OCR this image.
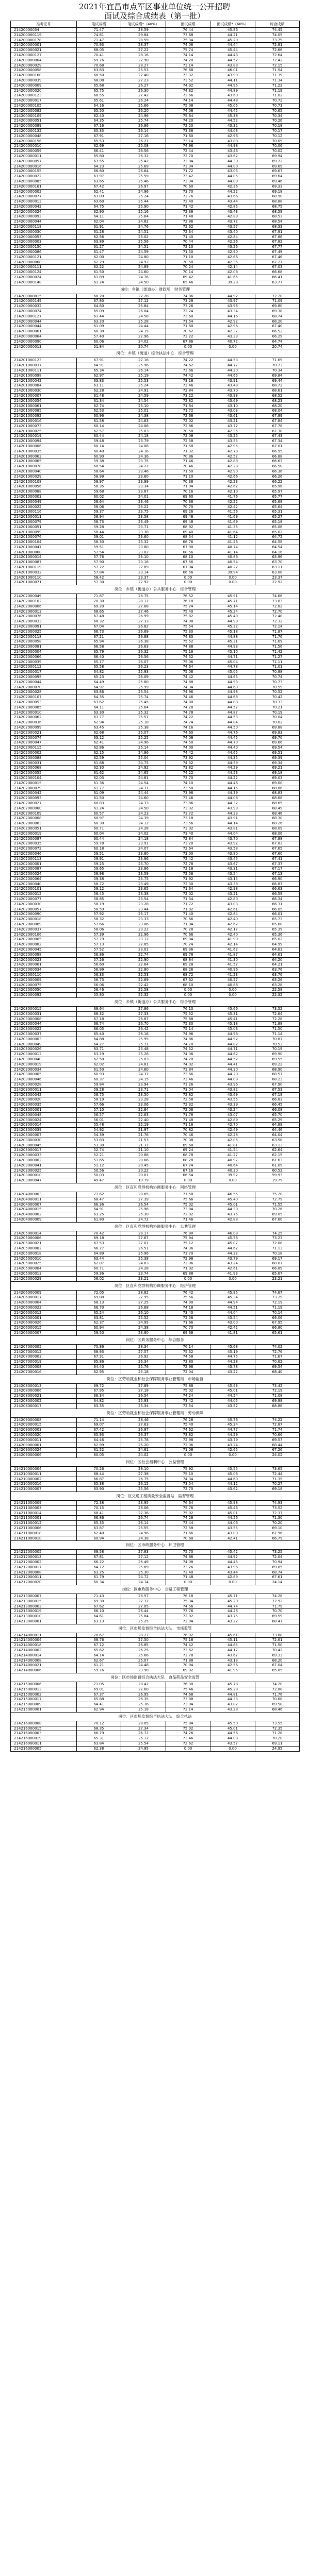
2021年宜昌市点军区事业单位统一公开招聘
面试及综合成绩表（第一批）
准考证号	笔试成绩	笔试成绩*（40%）	面试成绩	面试成绩*（60%）	综合成绩
21420000034	71.47	28.59	76.44	45.86	74.45
214200000119	74.61	29.84	73.68	44.21	74.05
214200000178	71.47	28.59	75.34	45.20	73.79
214200000001	70.93	28.37	74.06	44.44	72.81
214200000021	68.05	27.22	75.74	45.44	72.66
214200000127	70.41	28.16	74.14	44.48	72.64
214200000004	69.76	27.90	74.20	44.52	72.42
214200000029	70.68	28.27	73.14	43.88	72.15
214200000058	63.83	25.53	76.68	46.01	71.54
214200000160	68.50	27.40	73.32	43.99	71.39
214200000039	68.08	27.23	73.52	44.11	71.34
214200000009	65.68	26.27	74.92	44.95	71.22
214200000020	65.75	26.30	74.82	44.89	71.19
214200000123	68.55	27.42	72.66	43.60	71.02
214200000017	65.61	26.24	74.14	44.48	70.72
214200000105	64.16	25.66	75.08	45.05	70.71
214200000082	65.50	26.20	74.08	44.45	70.65
214200000109	62.40	24.96	75.64	45.38	70.34
214200000051	64.35	25.74	74.20	44.52	70.26
214200000089	67.16	26.86	72.20	43.32	70.18
214200000132	65.35	26.14	73.38	44.03	70.17
214200000048	67.91	27.16	71.60	42.96	70.12
214200000156	65.53	26.21	73.14	43.88	70.09
214200000010	62.69	25.08	74.96	44.98	70.06
214200000059	66.41	26.56	72.44	43.46	70.02
214200000011	65.80	26.32	72.70	43.62	69.94
214200000057	63.55	25.42	73.84	44.30	69.72
214200000016	64.23	25.69	73.34	44.00	69.69
214200000155	66.60	26.64	71.72	43.03	69.67
214200000022	63.97	25.59	73.42	44.05	69.64
214200000085	63.65	25.46	73.34	44.00	69.46
214200000161	67.42	26.97	70.60	42.36	69.33
214200000002	62.41	24.96	73.70	44.22	69.18
214200000077	63.09	25.24	72.76	43.66	68.90
214200000013	63.60	25.44	72.40	43.44	68.88
214200000042	64.75	25.90	71.42	42.85	68.75
214200000024	62.90	25.16	72.38	43.43	68.59
214200000093	64.11	25.64	71.48	42.89	68.53
214200000044	62.04	24.82	72.86	43.72	68.54
214200000118	61.91	24.76	72.62	43.57	68.33
214200000030	61.28	24.51	72.34	43.40	67.91
214200000053	62.56	25.02	71.40	42.84	67.86
214200000003	63.89	25.56	70.44	42.26	67.82
214200000150	61.27	24.51	72.10	43.26	67.77
214200000086	61.47	24.59	71.50	42.90	67.49
214200000121	62.00	24.80	71.10	42.66	67.46
214200000068	62.29	24.92	70.58	42.35	67.27
214200000111	62.22	24.89	70.24	42.14	67.03
214200000124	61.50	24.60	70.14	42.08	66.68
214200000024	61.89	24.76	69.42	41.65	66.41
214200000148	61.24	24.50	65.46	39.28	63.77
岗位：乡镇（街道办）财政所　财务管理					
214200000015	68.20	27.28	74.86	44.92	72.20
214200000149	67.80	27.12	73.28	43.97	71.09
214200000032	64.60	25.84	73.26	43.96	69.80
214200000074	65.09	26.04	72.24	43.34	69.38
214200000127	61.44	24.58	73.60	44.16	68.74
214200000044	63.20	25.28	71.54	42.92	68.20
214200000044	61.09	24.44	71.60	42.96	67.40
214200000061	60.38	24.15	70.62	42.37	66.52
214200000064	57.40	22.96	72.22	43.33	66.29
214200000090	60.06	24.02	67.86	40.72	64.74
214200000013	51.84	20.74	0.00	0.00	20.74
岗位：乡镇（街道）综合执法中心　综合管理					
214201000123	67.91	27.16	74.22	44.53	71.69
214201000037	64.91	25.96	74.62	44.77	70.73
214201000111	65.34	26.14	73.66	44.20	70.34
214201000098	62.97	25.19	74.42	44.65	69.84
214201000042	63.83	25.53	73.18	43.91	69.44
214201000084	63.11	25.24	72.46	43.48	68.72
214201000030	62.28	24.91	72.84	43.70	68.61
214201000007	61.48	24.59	73.22	43.93	68.52
214201000054	61.34	24.54	72.82	43.69	68.23
214201000061	62.74	25.10	71.84	43.10	68.20
214201000085	62.53	25.01	71.72	43.03	68.04
214201000092	60.96	24.38	72.68	43.61	67.99
214201000016	61.58	24.63	72.02	43.21	67.84
214201000073	60.14	24.06	72.86	43.72	67.78
214201000025	62.57	25.03	70.58	42.35	67.38
214201000019	60.44	24.18	72.08	43.25	67.43
214201000094	59.48	23.79	72.58	43.55	67.34
214201000006	60.14	24.06	71.58	42.95	67.01
214201000035	60.40	24.16	71.32	42.79	66.95
214201000063	60.90	24.36	70.86	42.52	66.88
214201000065	59.38	23.75	71.46	42.88	66.63
214201000078	60.54	24.22	70.46	42.28	66.50
214201000040	58.64	23.46	71.50	42.90	66.36
214201000029	58.99	23.60	71.10	42.66	66.26
214201000108	59.97	23.99	70.38	42.23	66.22
214201000056	58.35	23.34	71.04	42.62	65.96
214201000088	59.68	23.87	70.16	42.10	65.97
214201000003	60.02	24.01	69.60	41.76	65.77
214201000049	58.64	23.46	70.36	42.22	65.68
214201000022	58.06	23.22	70.70	42.42	65.64
214201000116	59.37	23.75	69.26	41.56	65.31
214201000011	58.94	23.58	69.48	41.69	65.27
214201000079	58.73	23.49	69.48	41.69	65.18
214201000051	59.28	23.71	68.92	41.35	65.06
214201000099	58.44	23.38	69.40	41.64	65.02
214201000076	59.01	23.60	68.54	41.12	64.72
214201000104	58.30	23.32	68.76	41.26	64.58
214201000047	59.51	23.80	67.90	40.74	64.54
214201000068	57.54	23.02	68.56	41.14	64.16
214201000014	57.76	23.10	68.10	40.86	63.96
214201000087	57.90	23.16	67.56	40.54	63.70
214201000119	57.22	22.89	67.04	40.22	63.11
214201000032	57.84	23.14	66.56	39.94	63.08
214201000110	58.42	23.37	0.00	0.00	23.37
214201000071	57.30	22.92	0.00	0.00	22.92
岗位：乡镇（街道办）公共服务中心　综合管理					
214202000049	71.87	28.75	76.52	45.91	74.66
214202000102	70.30	28.12	76.18	45.71	73.83
214202000006	69.20	27.68	75.24	45.14	72.82
214202000013	68.65	27.46	75.40	45.24	72.70
214202000076	67.48	26.99	75.82	45.49	72.48
214202000033	68.32	27.33	74.98	44.99	72.32
214202000091	67.04	26.82	75.54	45.32	72.14
214202000025	66.73	26.69	75.30	45.18	71.87
214202000118	67.21	26.88	74.80	44.88	71.76
214202000058	65.94	26.38	75.52	45.31	71.69
214202000081	66.58	26.63	74.88	44.93	71.56
214202000004	65.79	26.32	75.16	45.10	71.42
214202000066	66.40	26.56	74.52	44.71	71.27
214202000039	65.17	26.07	75.06	45.04	71.11
214202000112	65.58	26.23	74.64	44.78	71.01
214202000017	64.82	25.93	75.08	45.05	70.98
214202000095	65.23	26.09	74.42	44.65	70.74
214202000044	64.49	25.80	74.88	44.93	70.73
214202000070	64.97	25.99	74.34	44.60	70.59
214202000028	63.86	25.54	74.96	44.98	70.52
214202000107	64.35	25.74	74.46	44.68	70.42
214202000053	63.62	25.45	74.80	44.88	70.33
214202000085	64.11	25.64	74.28	44.57	70.21
214202000010	63.30	25.32	74.78	44.87	70.19
214202000062	63.77	25.51	74.22	44.53	70.04
214202000036	62.94	25.18	74.74	44.84	70.02
214202000099	63.45	25.38	74.16	44.50	69.88
214202000021	62.68	25.07	74.60	44.76	69.83
214202000074	63.12	25.25	74.08	44.45	69.70
214202000047	62.41	24.96	74.50	44.70	69.66
214202000115	62.86	25.14	74.00	44.40	69.54
214202000002	62.15	24.86	74.42	44.65	69.51
214202000088	62.59	25.04	73.92	44.35	69.39
214202000031	61.88	24.75	74.32	44.59	69.34
214202000068	62.30	24.92	73.82	44.29	69.21
214202000055	61.62	24.65	74.22	44.53	69.18
214202000104	62.03	24.81	73.70	44.22	69.03
214202000015	61.36	24.54	74.10	44.46	69.00
214202000079	61.77	24.71	73.58	44.15	68.86
214202000042	61.09	24.44	73.98	44.39	68.83
214202000093	61.50	24.60	73.46	44.08	68.68
214202000027	60.83	24.33	73.86	44.32	68.65
214202000060	61.24	24.50	73.32	43.99	68.49
214202000109	60.57	24.23	73.72	44.23	68.46
214202000008	60.97	24.39	73.18	43.91	68.30
214202000083	60.30	24.12	73.56	44.14	68.26
214202000051	60.71	24.28	73.02	43.81	68.09
214202000019	60.04	24.02	73.40	44.04	68.06
214202000097	60.44	24.18	72.84	43.70	67.88
214202000035	59.78	23.91	73.20	43.92	67.83
214202000072	60.18	24.07	72.64	43.58	67.65
214202000046	59.51	23.80	73.00	43.80	67.60
214202000113	59.91	23.96	72.42	43.45	67.41
214202000001	59.25	23.70	72.78	43.67	67.37
214202000087	59.65	23.86	72.18	43.31	67.17
214202000024	58.98	23.59	72.56	43.54	67.13
214202000064	59.38	23.75	71.92	43.15	66.90
214202000040	58.72	23.49	72.30	43.38	66.87
214202000101	59.12	23.65	71.64	42.98	66.63
214202000012	58.45	23.38	72.02	43.21	66.59
214202000077	58.85	23.54	71.34	42.80	66.34
214202000030	58.19	23.28	71.72	43.03	66.31
214202000057	58.59	23.44	71.02	42.61	66.05
214202000090	57.92	23.17	71.40	42.84	66.01
214202000018	58.32	23.33	70.66	42.40	65.73
214202000069	57.66	23.06	71.04	42.62	65.68
214202000037	58.06	23.22	70.28	42.17	65.39
214202000106	57.39	22.96	70.66	42.40	65.36
214202000005	57.79	23.12	69.84	41.90	65.02
214202000082	57.13	22.85	70.24	42.14	64.99
214202000045	57.52	23.01	69.36	41.62	64.63
214202000098	56.86	22.74	69.78	41.87	64.61
214202000023	57.26	22.90	68.84	41.30	64.20
214202000061	56.60	22.64	69.28	41.57	64.21
214202000034	56.99	22.80	68.26	40.96	63.76
214202000110	56.33	22.53	68.72	41.23	63.76
214202000009	56.73	22.69	67.62	40.57	63.26
214202000075	56.06	22.42	68.10	40.86	63.28
214202000050	56.46	22.58	0.00	0.00	22.58
214202000092	55.80	22.32	0.00	0.00	22.32
岗位：乡镇（街道办）公共服务中心　综合管理					
214203000015	69.64	27.86	76.10	45.66	73.52
214203000031	68.32	27.33	75.52	45.31	72.64
214203000008	67.18	26.87	75.68	45.41	72.28
214203000044	66.74	26.70	75.30	45.18	71.88
214203000022	66.05	26.42	75.14	45.08	71.50
214203000037	65.40	26.16	74.96	44.98	71.14
214203000003	64.88	25.95	74.86	44.92	70.87
214203000049	64.27	25.71	74.70	44.82	70.53
214203000026	63.71	25.48	74.52	44.71	70.19
214203000012	63.19	25.28	74.36	44.62	69.90
214203000040	62.58	25.03	74.20	44.52	69.55
214203000019	62.02	24.81	74.02	44.41	69.22
214203000034	61.50	24.60	73.84	44.30	68.90
214203000005	60.93	24.37	73.66	44.20	68.57
214203000046	60.37	24.15	73.46	44.08	68.23
214203000028	59.84	23.94	73.26	43.96	67.90
214203000011	59.28	23.71	73.04	43.82	67.53
214203000042	58.75	23.50	72.82	43.69	67.19
214203000020	58.19	23.28	72.58	43.55	66.83
214203000035	57.66	23.06	72.32	43.39	66.45
214203000001	57.10	22.84	72.06	43.24	66.08
214203000048	56.57	22.63	71.78	43.07	65.70
214203000024	56.01	22.40	71.48	42.89	65.29
214203000014	55.48	22.19	71.16	42.70	64.89
214203000039	54.92	21.97	70.82	42.49	64.46
214203000007	54.39	21.76	70.46	42.28	64.04
214203000030	53.83	21.53	70.08	42.05	63.58
214203000045	53.30	21.32	69.68	41.81	63.13
214203000017	52.74	21.10	69.24	41.54	62.64
214203000033	52.21	20.88	68.78	41.27	62.15
214203000002	51.65	20.66	68.28	40.97	61.63
214203000041	51.12	20.45	67.74	40.64	61.09
214203000025	50.56	20.22	67.16	40.30	60.52
214203000010	50.03	20.01	66.54	39.92	59.93
214203000047	49.47	19.79	0.00	0.00	19.79
岗位：区直和党群机构协调服务中心　网络管理					
214204000003	71.62	28.65	77.58	46.55	75.20
214204000011	68.47	27.39	75.66	45.40	72.79
214204000007	66.36	26.54	75.02	45.01	71.55
214204000015	64.91	25.96	73.84	44.30	70.26
214204000002	63.25	25.30	72.92	43.75	69.05
214204000009	61.80	24.72	71.46	42.88	67.60
岗位：区直和党群机构协调服务中心　公共管理					
214205000014	70.42	28.17	76.80	46.08	74.25
214205000006	69.18	27.67	75.94	45.56	73.23
214205000021	67.53	27.01	75.12	45.07	72.08
214205000002	66.27	26.51	74.36	44.62	71.13
214205000018	64.89	25.96	73.70	44.22	70.18
214205000010	63.44	25.38	72.98	43.79	69.17
214205000025	62.07	24.83	72.06	43.24	68.07
214205000004	60.71	24.28	71.02	42.61	66.89
214205000013	59.36	23.74	69.88	41.93	65.67
214205000029	58.02	23.21	0.00	0.00	23.21
岗位：区直和党群机构协调服务中心　经济管理					
214206000009	72.05	28.82	76.42	45.85	74.67
214206000017	69.88	27.95	75.56	45.34	73.29
214206000004	68.13	27.25	74.90	44.94	72.19
214206000022	66.70	26.68	74.18	44.51	71.19
214206000012	65.24	26.10	73.40	44.04	70.14
214206000001	63.81	25.52	72.56	43.54	69.06
214206000026	62.37	24.95	71.66	43.00	67.95
214206000015	60.94	24.38	70.70	42.42	66.80
214206000007	59.50	23.80	69.68	41.81	65.61
岗位：区政务服务中心　综合服务					
214207000005	70.86	28.34	76.14	45.68	74.02
214207000012	68.93	27.57	75.32	45.19	72.76
214207000003	67.31	26.92	74.58	44.75	71.67
214207000019	65.86	26.34	73.80	44.28	70.62
214207000008	64.40	25.76	72.96	43.78	69.54
214207000016	62.95	25.18	72.04	43.22	68.40
岗位：区劳动就业和社会保障服务事业管理局　市场监督					
214208000013	69.72	27.89	75.88	45.53	73.42
214208000006	67.95	27.18	75.02	45.01	72.19
214208000021	66.34	26.54	74.24	44.54	71.08
214208000002	64.82	25.93	73.42	44.05	69.98
214208000017	63.35	25.34	72.54	43.52	68.86
岗位：区劳动就业和社会保障服务事业管理局　劳动保障					
214209000008	71.14	28.46	76.26	45.76	74.22
214209000015	69.07	27.63	75.40	45.24	72.87
214209000003	67.42	26.97	74.62	44.77	71.74
214209000020	65.93	26.37	73.82	44.29	70.66
214209000011	64.46	25.78	72.98	43.79	69.57
214209000001	62.99	25.20	72.06	43.24	68.44
214209000024	61.52	24.61	71.08	42.65	67.26
214209000006	60.05	24.02	0.00	0.00	24.02
岗位：区社会福利中心　公益管理					
214210000004	70.26	28.10	75.92	45.55	73.65
214210000011	68.44	27.38	75.10	45.06	72.44
214210000002	66.87	26.75	74.34	44.60	71.35
214210000016	65.38	26.15	73.54	44.12	70.27
214210000007	63.90	25.56	72.70	43.62	69.18
岗位：区交通工程质量安全监督站　监督管理					
214211000009	72.38	28.95	76.64	45.98	74.93
214211000003	70.15	28.06	75.76	45.46	73.52
214211000014	68.41	27.36	75.02	45.01	72.37
214211000001	66.86	26.74	74.26	44.56	71.30
214211000012	65.35	26.14	73.44	44.06	70.20
214211000006	63.87	25.55	72.58	43.55	69.10
214211000018	62.40	24.96	71.66	43.00	67.96
214211000010	60.94	24.38	70.68	42.41	66.79
岗位：区市政服务中心　环卫管理					
214212000005	69.58	27.83	75.70	45.42	73.25
214212000013	67.81	27.12	74.86	44.92	72.04
214212000002	66.22	26.49	74.08	44.45	70.94
214212000017	64.72	25.89	73.26	43.96	69.85
214212000008	63.25	25.30	72.40	43.44	68.74
214212000011	61.79	24.72	71.48	42.89	67.61
214212000020	60.34	24.14	0.00	0.00	24.14
岗位：区市政服务中心　公路工程管理					
214213000007	71.43	28.57	76.18	45.71	74.28
214213000015	69.30	27.72	75.34	45.20	72.92
214213000003	67.62	27.05	74.56	44.74	71.79
214213000019	66.10	26.44	73.76	44.26	70.70
214213000010	64.61	25.84	72.92	43.75	69.59
214213000001	63.13	25.25	72.04	43.22	68.47
岗位：区市场监督综合执法大队　市场监管					
214214000011	70.67	28.27	76.02	45.61	73.88
214214000004	68.76	27.50	75.18	45.11	72.61
214214000018	67.12	26.85	74.42	44.65	71.50
214214000002	65.62	26.25	73.62	44.17	70.42
214214000014	64.14	25.66	72.78	43.67	69.33
214214000008	62.67	25.07	71.88	43.13	68.20
214214000021	61.21	24.48	70.94	42.56	67.04
214214000006	59.76	23.90	69.92	41.95	65.85
岗位：区市场监督综合执法大队　食品药品安全监管					
214215000006	71.05	28.42	76.30	45.78	74.20
214215000013	69.01	27.60	75.46	45.28	72.88
214215000002	67.37	26.95	74.68	44.81	71.76
214215000017	65.88	26.35	73.88	44.33	70.68
214215000009	64.41	25.76	73.04	43.82	69.58
214215000001	62.94	25.18	72.14	43.28	68.46
岗位：区市场监督综合执法大队　综合执法					
214216000008	70.12	28.05	75.84	45.50	73.55
214216000015	68.35	27.34	75.02	45.01	72.35
214216000003	66.79	26.72	74.26	44.56	71.28
214216000019	65.31	26.12	73.46	44.08	70.20
214216000011	63.84	25.54	72.62	43.57	69.11
214216000005	62.38	24.95	0.00	0.00	24.95
